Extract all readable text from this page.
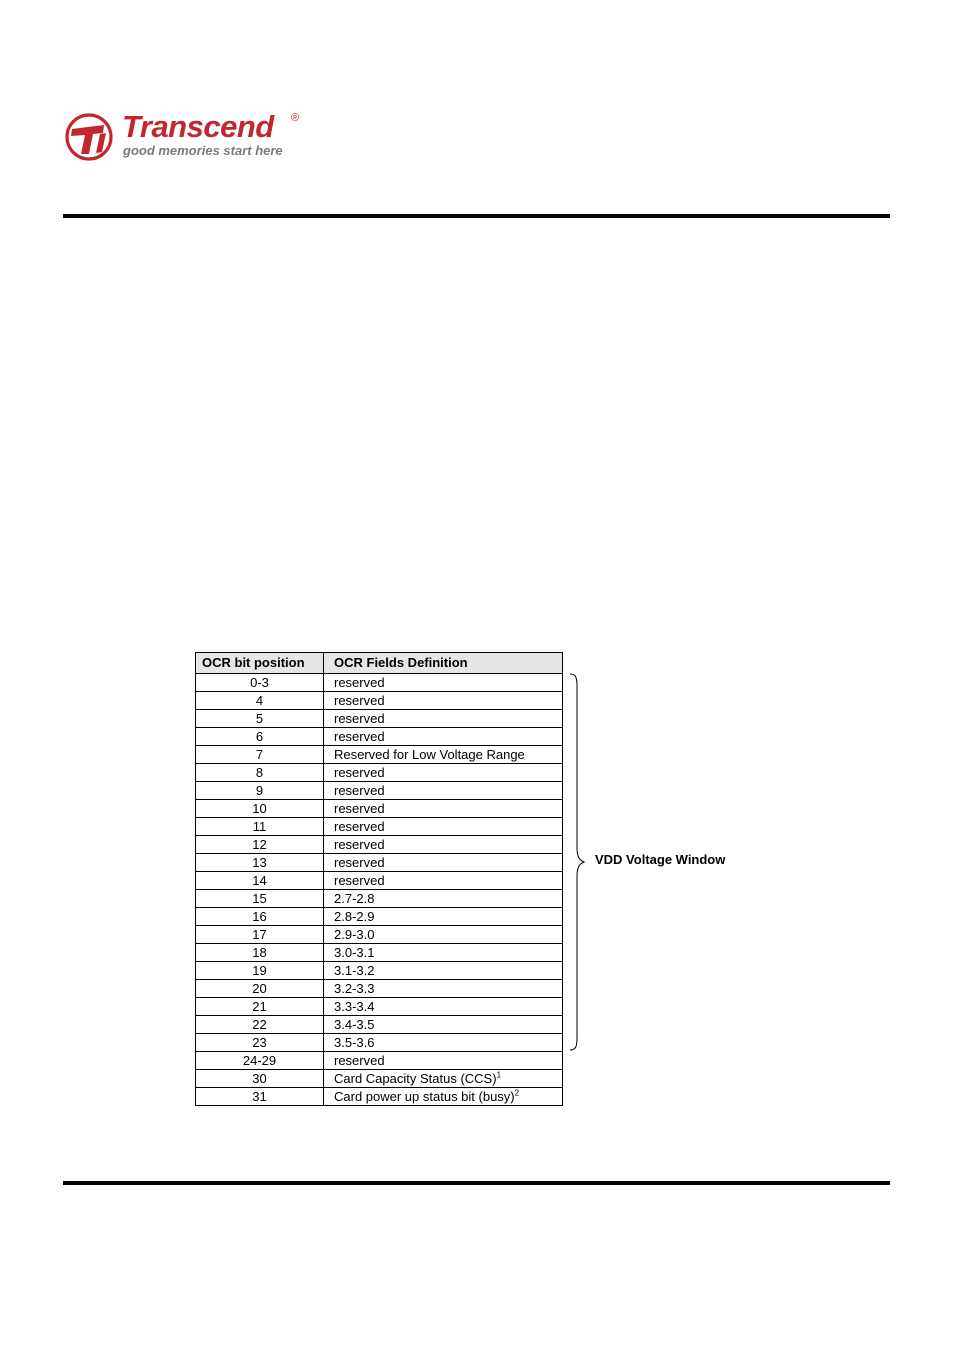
Transcend ®
good memories start here
OCR bit position	OCR Fields Definition
0-3	reserved
4	reserved
5	reserved
6	reserved
7	Reserved for Low Voltage Range
8	reserved
9	reserved
10	reserved
11	reserved
12	reserved
13	reserved
14	reserved
15	2.7-2.8
16	2.8-2.9
17	2.9-3.0
18	3.0-3.1
19	3.1-3.2
20	3.2-3.3
21	3.3-3.4
22	3.4-3.5
23	3.5-3.6
24-29	reserved
30	Card Capacity Status (CCS)$^1$
31	Card power up status bit (busy)$^2$
VDD Voltage Window
